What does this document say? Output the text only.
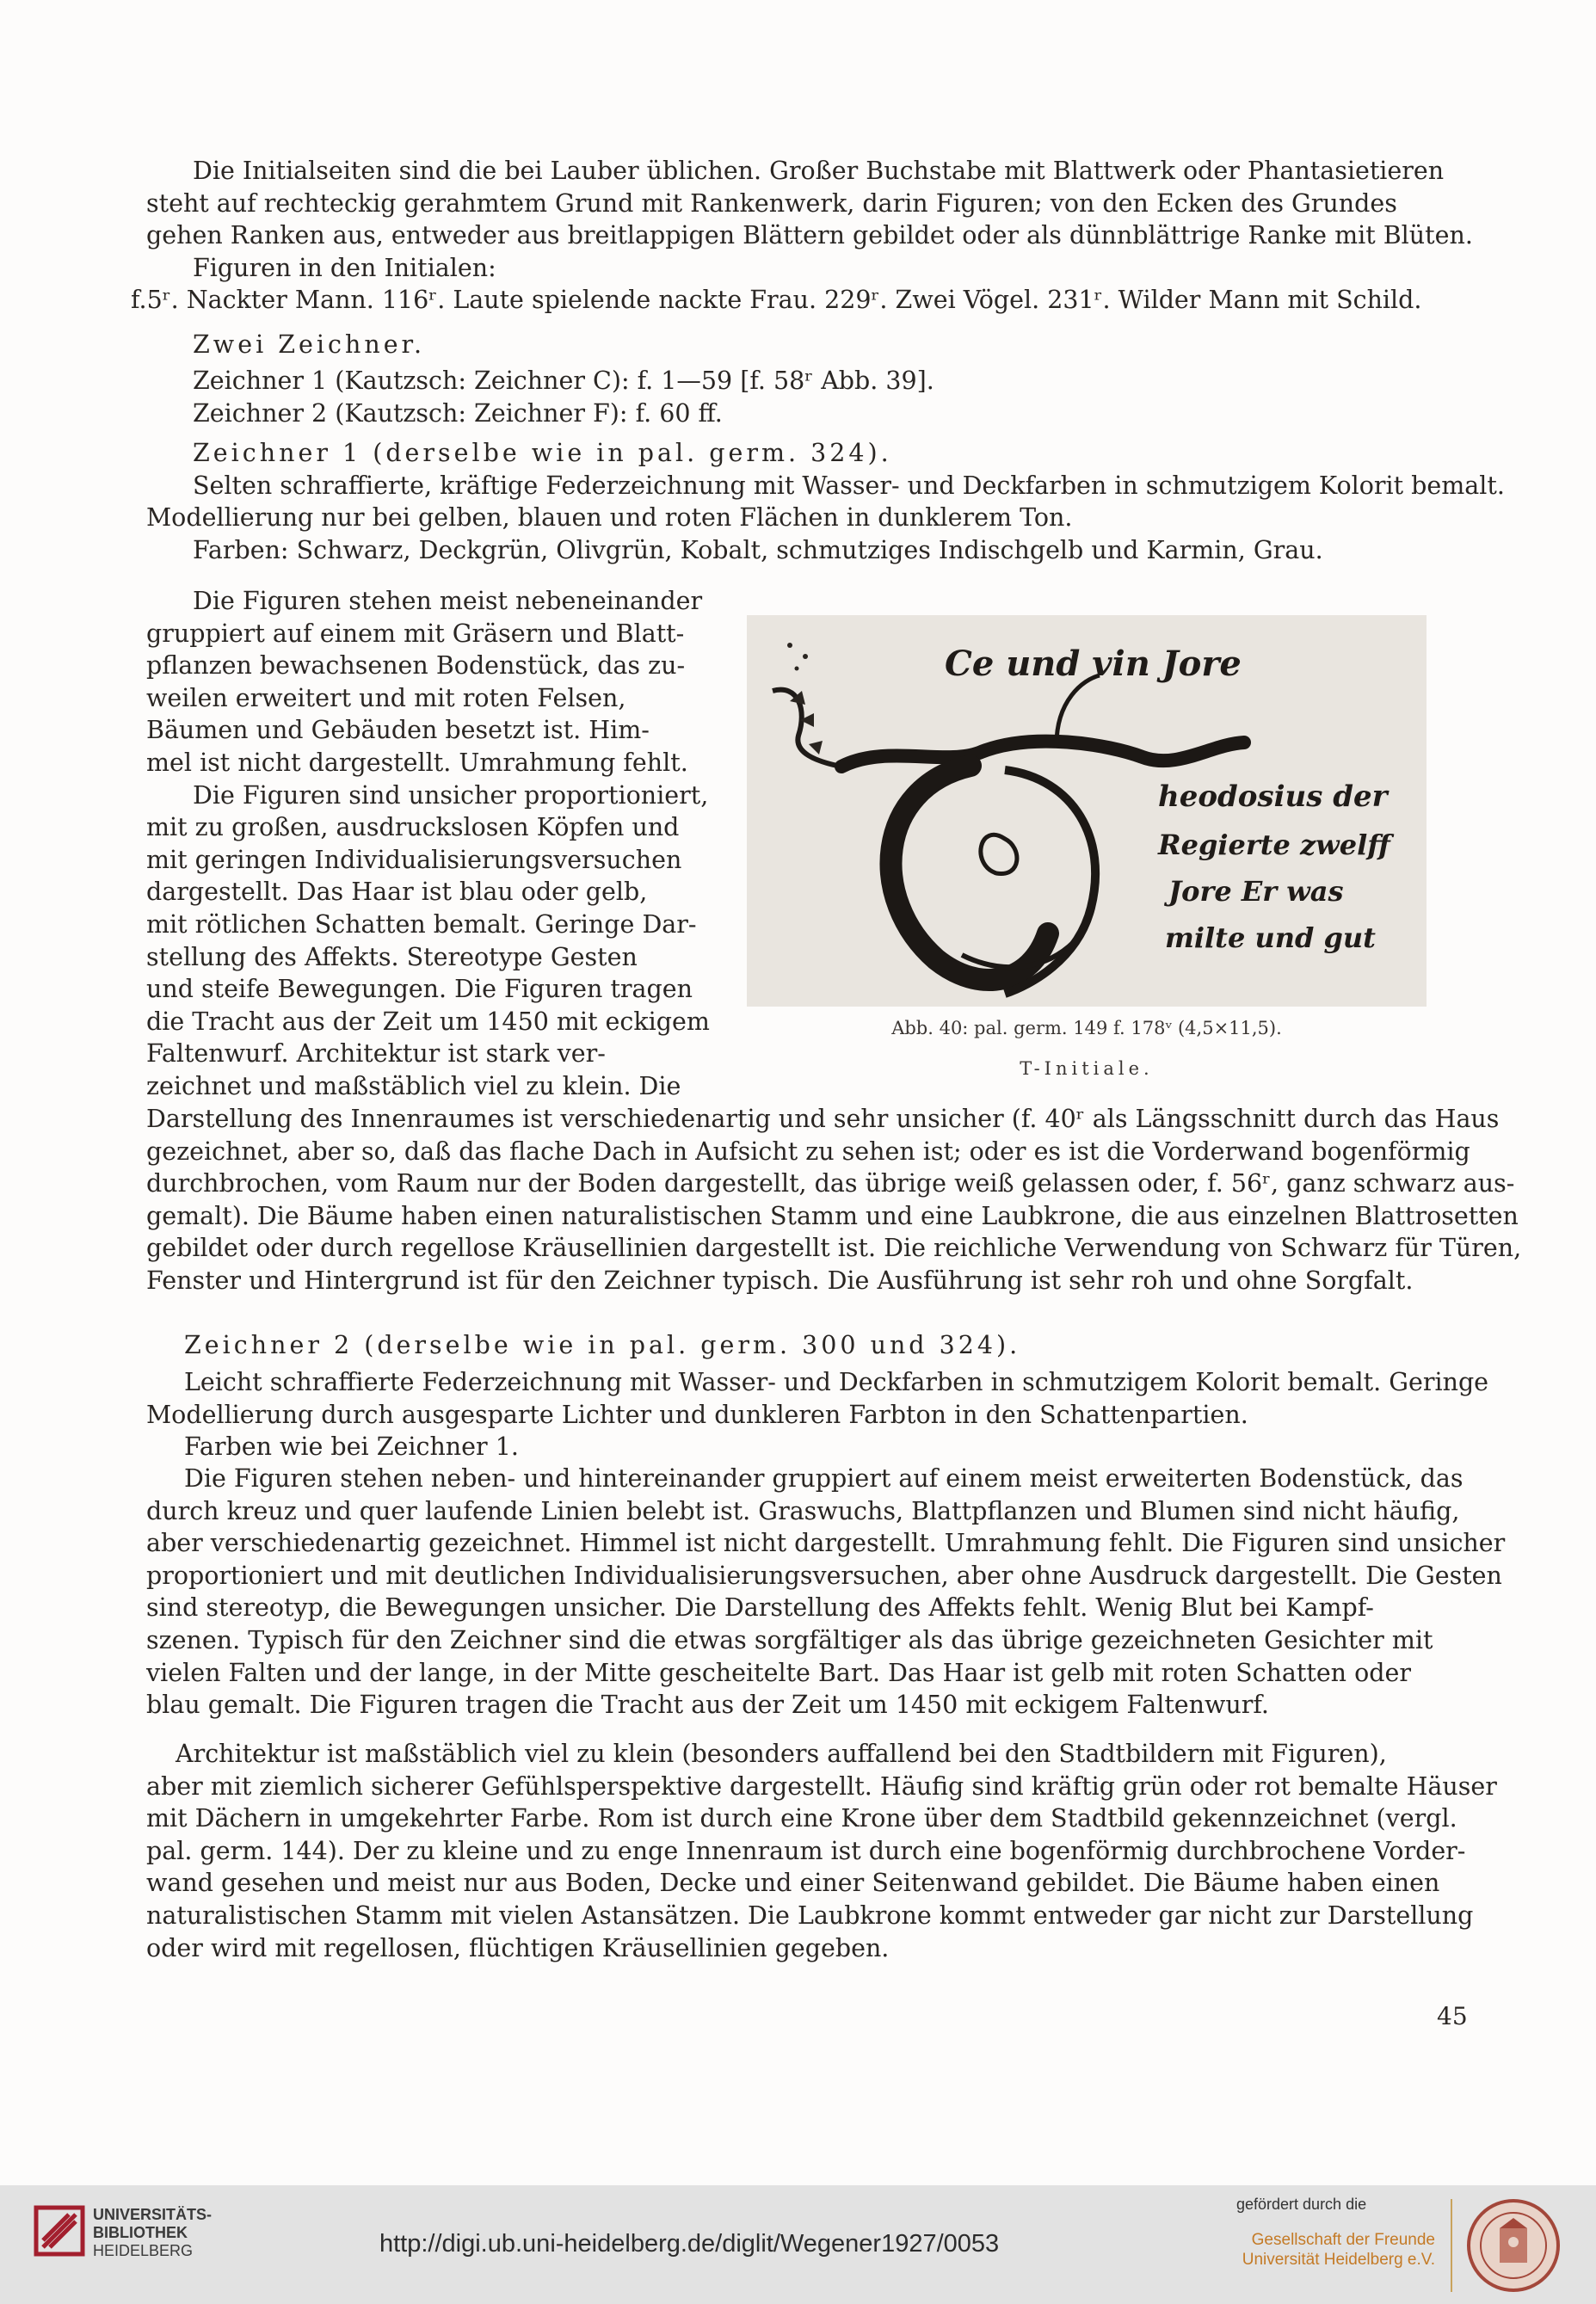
Die Initialseiten sind die bei Lauber üblichen. Großer Buchstabe mit Blattwerk oder Phantasietieren
steht auf rechteckig gerahmtem Grund mit Rankenwerk, darin Figuren; von den Ecken des Grundes
gehen Ranken aus, entweder aus breitlappigen Blättern gebildet oder als dünnblättrige Ranke mit Blüten.
Figuren in den Initialen:
f.5ʳ. Nackter Mann. 116ʳ. Laute spielende nackte Frau. 229ʳ. Zwei Vögel. 231ʳ. Wilder Mann mit Schild.

Zwei Zeichner.

Zeichner 1 (Kautzsch: Zeichner C): f. 1—59 [f. 58ʳ Abb. 39].
Zeichner 2 (Kautzsch: Zeichner F): f. 60 ff.

Zeichner 1 (derselbe wie in pal. germ. 324).
Selten schraffierte, kräftige Federzeichnung mit Wasser- und Deckfarben in schmutzigem Kolorit bemalt.
Modellierung nur bei gelben, blauen und roten Flächen in dunklerem Ton.
Farben: Schwarz, Deckgrün, Olivgrün, Kobalt, schmutziges Indischgelb und Karmin, Grau.

Die Figuren stehen meist nebeneinander
gruppiert auf einem mit Gräsern und Blatt-
pflanzen bewachsenen Bodenstück, das zu-
weilen erweitert und mit roten Felsen,
Bäumen und Gebäuden besetzt ist. Him-
mel ist nicht dargestellt. Umrahmung fehlt.
Die Figuren sind unsicher proportioniert,
mit zu großen, ausdruckslosen Köpfen und
mit geringen Individualisierungsversuchen
dargestellt. Das Haar ist blau oder gelb,
mit rötlichen Schatten bemalt. Geringe Dar-
stellung des Affekts. Stereotype Gesten
und steife Bewegungen. Die Figuren tragen
die Tracht aus der Zeit um 1450 mit eckigem
Faltenwurf. Architektur ist stark ver-
zeichnet und maßstäblich viel zu klein. Die
Ce und vin Jore
heodosius der
Regierte zwelff
Jore Er was
milte und gut
Abb. 40: pal. germ. 149 f. 178ᵛ (4,5×11,5).
T-Initiale.

Darstellung des Innenraumes ist verschiedenartig und sehr unsicher (f. 40ʳ als Längsschnitt durch das Haus
gezeichnet, aber so, daß das flache Dach in Aufsicht zu sehen ist; oder es ist die Vorderwand bogenförmig
durchbrochen, vom Raum nur der Boden dargestellt, das übrige weiß gelassen oder, f. 56ʳ, ganz schwarz aus-
gemalt). Die Bäume haben einen naturalistischen Stamm und eine Laubkrone, die aus einzelnen Blattrosetten
gebildet oder durch regellose Kräusellinien dargestellt ist. Die reichliche Verwendung von Schwarz für Türen,
Fenster und Hintergrund ist für den Zeichner typisch. Die Ausführung ist sehr roh und ohne Sorgfalt.

Zeichner 2 (derselbe wie in pal. germ. 300 und 324).

Leicht schraffierte Federzeichnung mit Wasser- und Deckfarben in schmutzigem Kolorit bemalt. Geringe
Modellierung durch ausgesparte Lichter und dunkleren Farbton in den Schattenpartien.
Farben wie bei Zeichner 1.

Die Figuren stehen neben- und hintereinander gruppiert auf einem meist erweiterten Bodenstück, das
durch kreuz und quer laufende Linien belebt ist. Graswuchs, Blattpflanzen und Blumen sind nicht häufig,
aber verschiedenartig gezeichnet. Himmel ist nicht dargestellt. Umrahmung fehlt. Die Figuren sind unsicher
proportioniert und mit deutlichen Individualisierungsversuchen, aber ohne Ausdruck dargestellt. Die Gesten
sind stereotyp, die Bewegungen unsicher. Die Darstellung des Affekts fehlt. Wenig Blut bei Kampf-
szenen. Typisch für den Zeichner sind die etwas sorgfältiger als das übrige gezeichneten Gesichter mit
vielen Falten und der lange, in der Mitte gescheitelte Bart. Das Haar ist gelb mit roten Schatten oder
blau gemalt. Die Figuren tragen die Tracht aus der Zeit um 1450 mit eckigem Faltenwurf.

Architektur ist maßstäblich viel zu klein (besonders auffallend bei den Stadtbildern mit Figuren),
aber mit ziemlich sicherer Gefühlsperspektive dargestellt. Häufig sind kräftig grün oder rot bemalte Häuser
mit Dächern in umgekehrter Farbe. Rom ist durch eine Krone über dem Stadtbild gekennzeichnet (vergl.
pal. germ. 144). Der zu kleine und zu enge Innenraum ist durch eine bogenförmig durchbrochene Vorder-
wand gesehen und meist nur aus Boden, Decke und einer Seitenwand gebildet. Die Bäume haben einen
naturalistischen Stamm mit vielen Astansätzen. Die Laubkrone kommt entweder gar nicht zur Darstellung
oder wird mit regellosen, flüchtigen Kräusellinien gegeben.

45
UNIVERSITÄTS-
BIBLIOTHEK
HEIDELBERG	http://digi.ub.uni-heidelberg.de/diglit/Wegener1927/0053
gefördert durch die
Gesellschaft der Freunde
Universität Heidelberg e.V.
